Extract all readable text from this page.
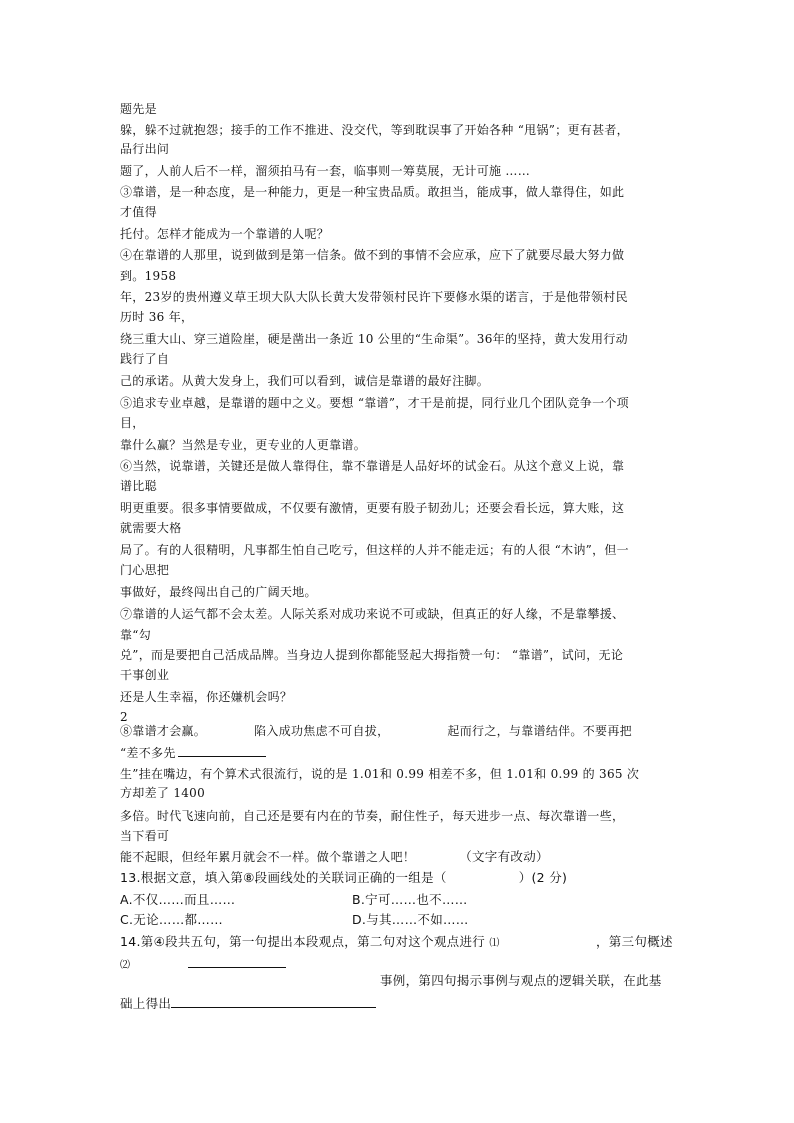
题先是
躲，躲不过就抱怨；接手的工作不推进、没交代，等到耽误事了开始各种 “甩锅”；更有甚者，
品行出问
题了，人前人后不一样，溜须拍马有一套，临事则一筹莫展，无计可施 ……
③靠谱，是一种态度，是一种能力，更是一种宝贵品质。敢担当，能成事，做人靠得住，如此
才值得
托付。怎样才能成为一个靠谱的人呢？
④在靠谱的人那里，说到做到是第一信条。做不到的事情不会应承，应下了就要尽最大努力做
到。1958
年，23岁的贵州遵义草王坝大队大队长黄大发带领村民许下要修水渠的诺言，于是他带领村民
历时 36 年，
绕三重大山、穿三道险崖，硬是凿出一条近 10 公里的“生命渠”。36年的坚持，黄大发用行动
践行了自
己的承诺。从黄大发身上，我们可以看到，诚信是靠谱的最好注脚。
⑤追求专业卓越，是靠谱的题中之义。要想 “靠谱”，才干是前提，同行业几个团队竞争一个项
目，
靠什么赢？当然是专业，更专业的人更靠谱。
⑥当然，说靠谱，关键还是做人靠得住，靠不靠谱是人品好坏的试金石。从这个意义上说，靠
谱比聪
明更重要。很多事情要做成，不仅要有激情，更要有股子韧劲儿；还要会看长远，算大账，这
就需要大格
局了。有的人很精明，凡事都生怕自己吃亏，但这样的人并不能走远；有的人很 “木讷”，但一
门心思把
事做好，最终闯出自己的广阔天地。
⑦靠谱的人运气都不会太差。人际关系对成功来说不可或缺，但真正的好人缘，不是靠攀援、
靠“勾
兑”，而是要把自己活成品牌。当身边人提到你都能竖起大拇指赞一句： “靠谱”，试问，无论
干事创业
还是人生幸福，你还嫌机会吗？
2
⑧靠谱才会赢。	陷入成功焦虑不可自拔，	起而行之，与靠谱结伴。不要再把
“差不多先
生”挂在嘴边，有个算术式很流行，说的是 1.01和 0.99 相差不多，但 1.01和 0.99 的 365 次
方却差了 1400
多倍。时代飞速向前，自己还是要有内在的节奏，耐住性子，每天进步一点、每次靠谱一些，
当下看可
能不起眼，但经年累月就会不一样。做个靠谱之人吧！	（文字有改动）
13.根据文意，填入第⑧段画线处的关联词正确的一组是（	）(2 分)
A.不仅……而且……	B.宁可……也不……
C.无论……都……	D.与其……不如……
14.第④段共五句，第一句提出本段观点，第二句对这个观点进行 ⑴	，第三句概述
⑵
事例，第四句揭示事例与观点的逻辑关联，在此基
础上得出
